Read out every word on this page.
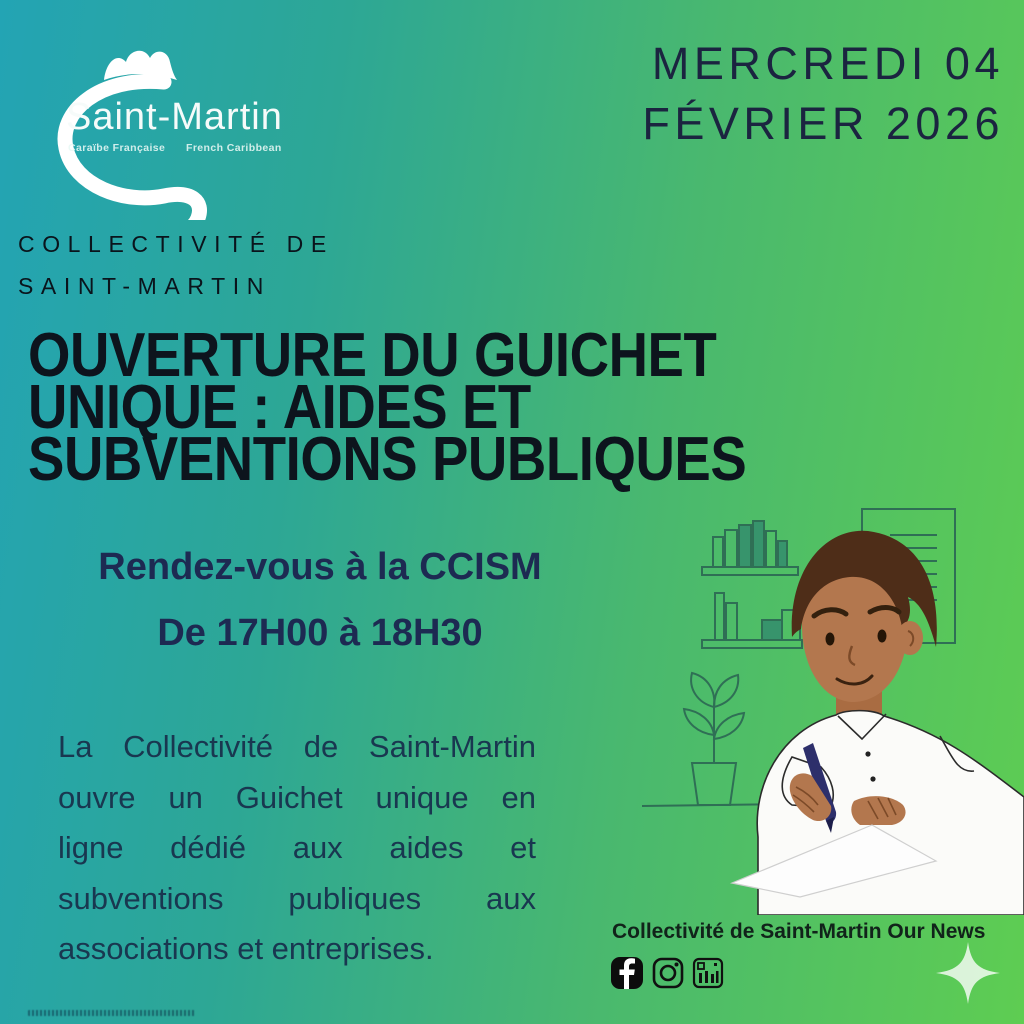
Saint-Martin
Caraïbe Française French Caribbean
MERCREDI 04
FÉVRIER 2026
COLLECTIVITÉ DE
SAINT-MARTIN
OUVERTURE DU GUICHET
UNIQUE : AIDES ET
SUBVENTIONS PUBLIQUES
Rendez-vous à la CCISM
De 17H00 à 18H30
La Collectivité de Saint-Martin
ouvre un Guichet unique en
ligne dédié aux aides et
subventions publiques aux
associations et entreprises.	Collectivité de Saint-Martin Our News
